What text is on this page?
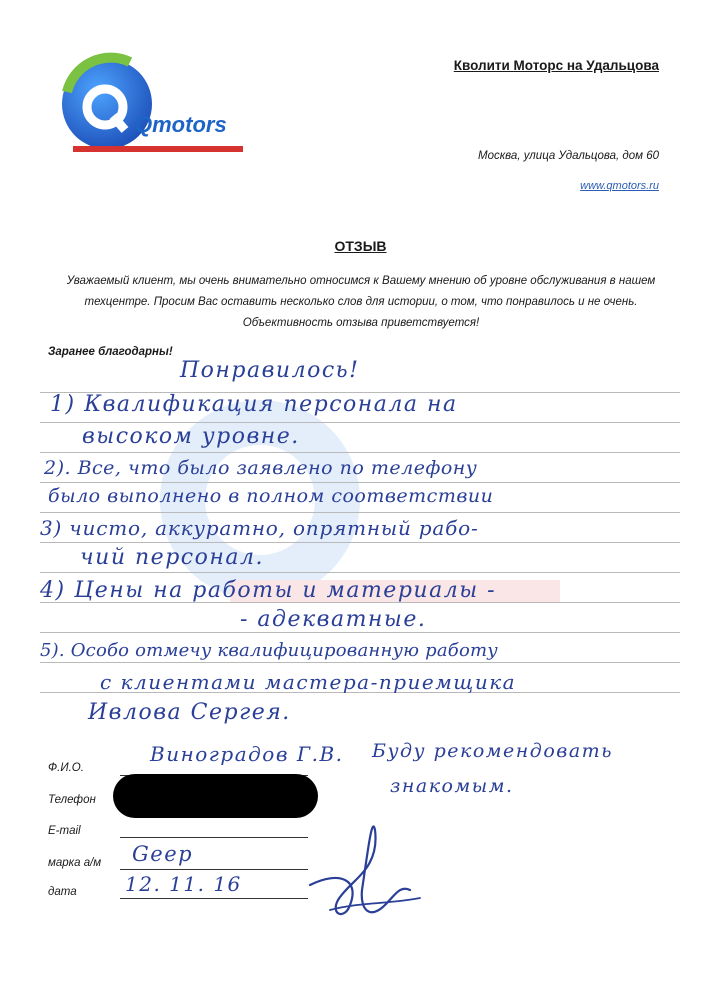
Qmotors
Кволити Моторс на Удальцова
Москва, улица Удальцова, дом 60
www.qmotors.ru
ОТЗЫВ
Уважаемый клиент, мы очень внимательно относимся к Вашему мнению об уровне обслуживания в нашем техцентре. Просим Вас оставить несколько слов для истории, о том, что понравилось и не очень. Объективность отзыва приветствуется!
Заранее благодарны!
Понравилось!
1) Квалификация персонала на
высоком уровне.
2). Все, что было заявлено по телефону
было выполнено в полном соответствии
3) чисто, аккуратно, опрятный рабо-
чий персонал.
4) Цены на работы и материалы -
- адекватные.
5). Особо отмечу квалифицированную работу
с клиентами мастера-приемщика
Ивлова Сергея.
Ф.И.О.
Виноградов Г.В. Буду рекомендовать
знакомым.
Телефон
E-mail
марка а/м Geep
дата 12. 11. 16
